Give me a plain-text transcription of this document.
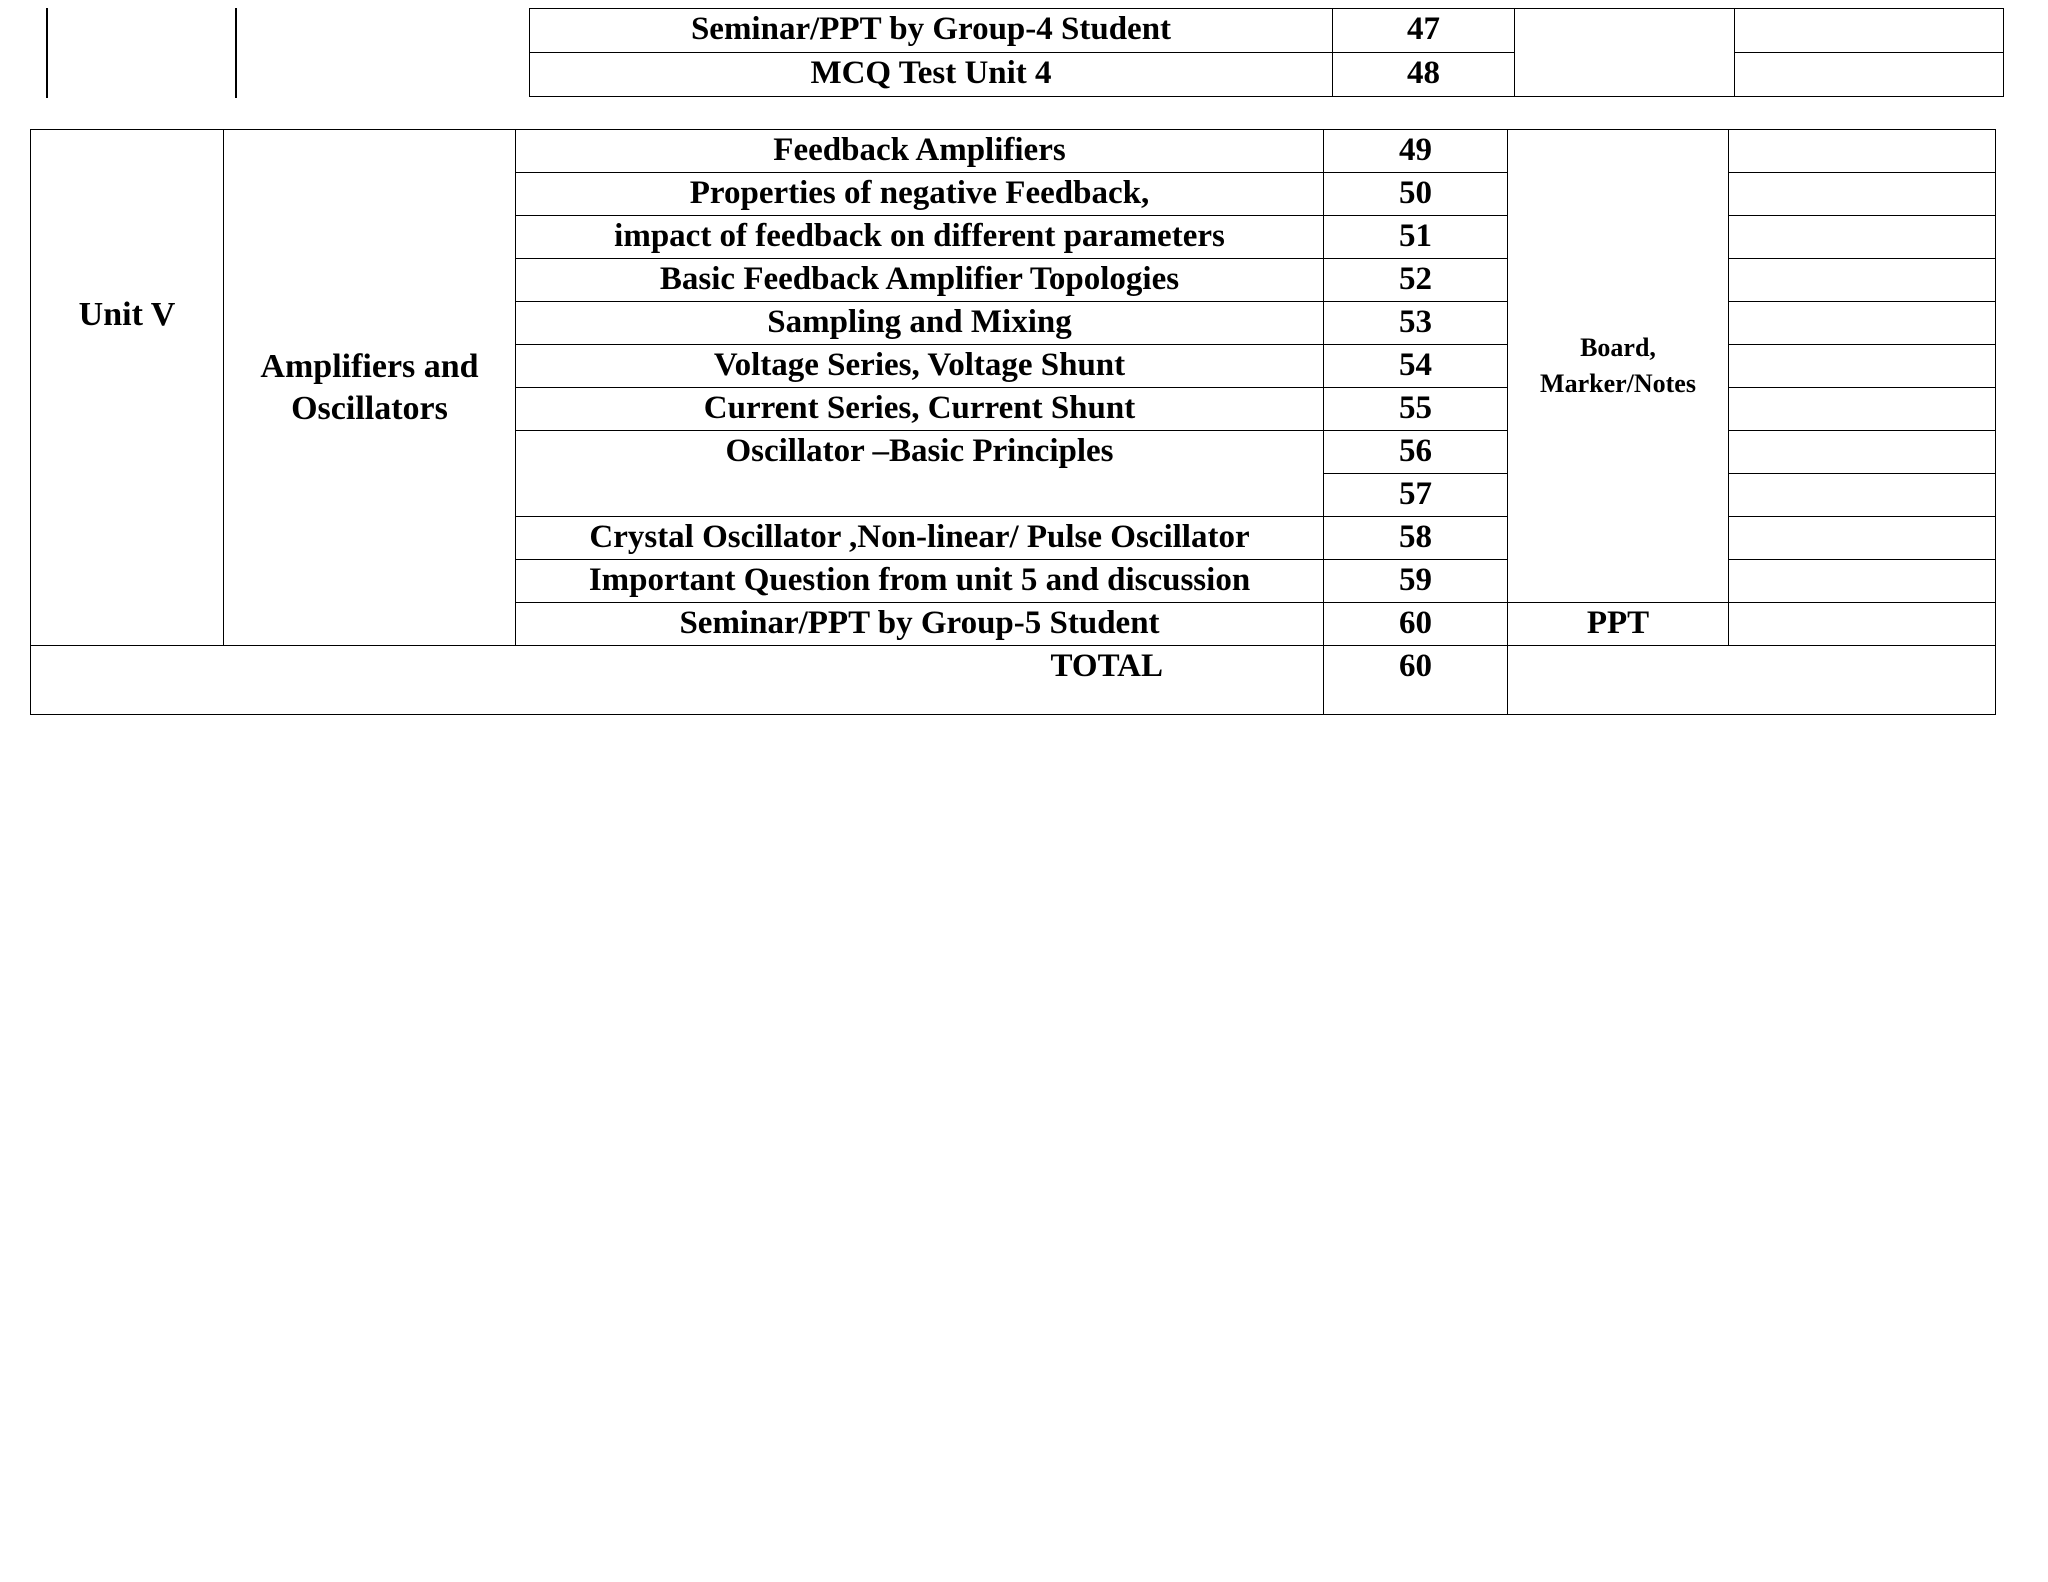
Seminar/PPT by Group-4 Student	47		
MCQ Test Unit 4	48		
Unit V	Amplifiers and Oscillators	Feedback Amplifiers	49	Board, Marker/Notes	
		Properties of negative Feedback,	50		
		impact of feedback on different parameters	51		
		Basic Feedback Amplifier Topologies	52		
		Sampling and Mixing	53		
		Voltage Series, Voltage Shunt	54		
		Current Series, Current Shunt	55		
		Oscillator –Basic Principles	56		
			57		
		Crystal Oscillator ,Non-linear/ Pulse Oscillator	58		
		Important Question from unit 5 and discussion	59		
		Seminar/PPT by Group-5 Student	60	PPT	
TOTAL			60		
